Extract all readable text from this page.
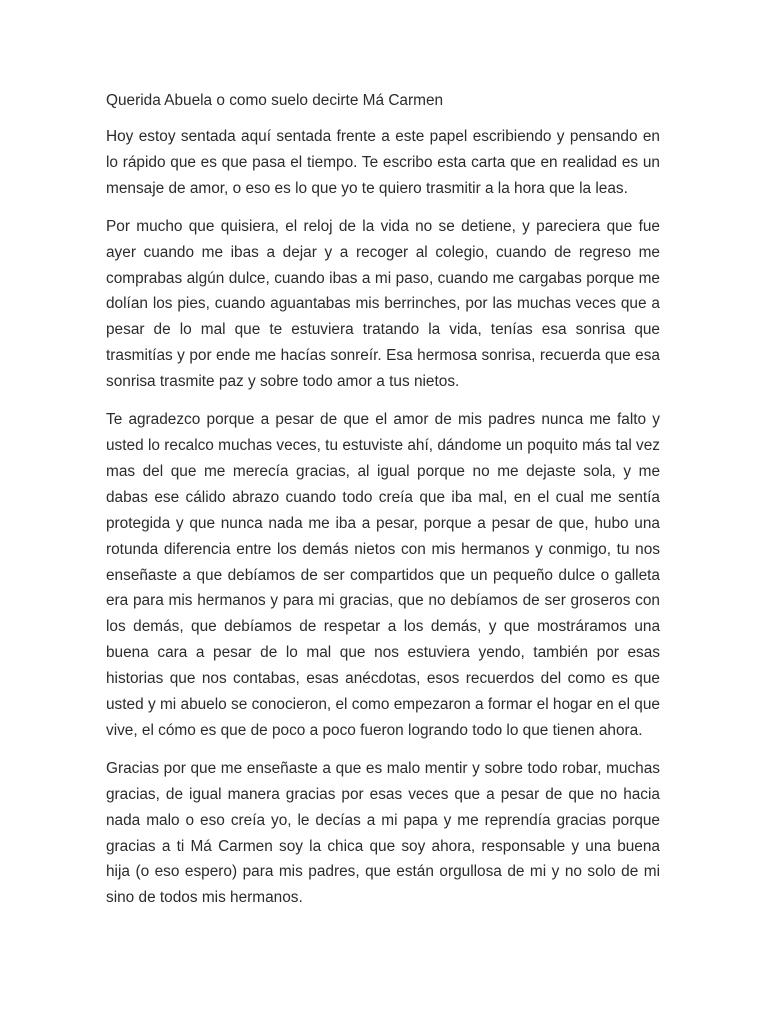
Querida Abuela o como suelo decirte Má Carmen

Hoy estoy sentada aquí sentada frente a este papel escribiendo y pensando en lo rápido que es que pasa el tiempo. Te escribo esta carta que en realidad es un mensaje de amor, o eso es lo que yo te quiero trasmitir a la hora que la leas.

Por mucho que quisiera, el reloj de la vida no se detiene, y pareciera que fue ayer cuando me ibas a dejar y a recoger al colegio, cuando de regreso me comprabas algún dulce, cuando ibas a mi paso, cuando me cargabas porque me dolían los pies, cuando aguantabas mis berrinches, por las muchas veces que a pesar de lo mal que te estuviera tratando la vida, tenías esa sonrisa que trasmitías y por ende me hacías sonreír. Esa hermosa sonrisa, recuerda que esa sonrisa trasmite paz y sobre todo amor a tus nietos.

Te agradezco porque a pesar de que el amor de mis padres nunca me falto y usted lo recalco muchas veces, tu estuviste ahí, dándome un poquito más tal vez mas del que me merecía gracias, al igual porque no me dejaste sola, y me dabas ese cálido abrazo cuando todo creía que iba mal, en el cual me sentía protegida y que nunca nada me iba a pesar, porque a pesar de que, hubo una rotunda diferencia entre los demás nietos con mis hermanos y conmigo, tu nos enseñaste a que debíamos de ser compartidos que un pequeño dulce o galleta era para mis hermanos y para mi gracias, que no debíamos de ser groseros con los demás, que debíamos de respetar a los demás, y que mostráramos una buena cara a pesar de lo mal que nos estuviera yendo, también por esas historias que nos contabas, esas anécdotas, esos recuerdos del como es que usted y mi abuelo se conocieron, el como empezaron a formar el hogar en el que vive, el cómo es que de poco a poco fueron logrando todo lo que tienen ahora.

Gracias por que me enseñaste a que es malo mentir y sobre todo robar, muchas gracias, de igual manera gracias por esas veces que a pesar de que no hacia nada malo o eso creía yo, le decías a mi papa y me reprendía gracias porque gracias a ti Má Carmen soy la chica que soy ahora, responsable y una buena hija (o eso espero) para mis padres, que están orgullosa de mi y no solo de mi sino de todos mis hermanos.
